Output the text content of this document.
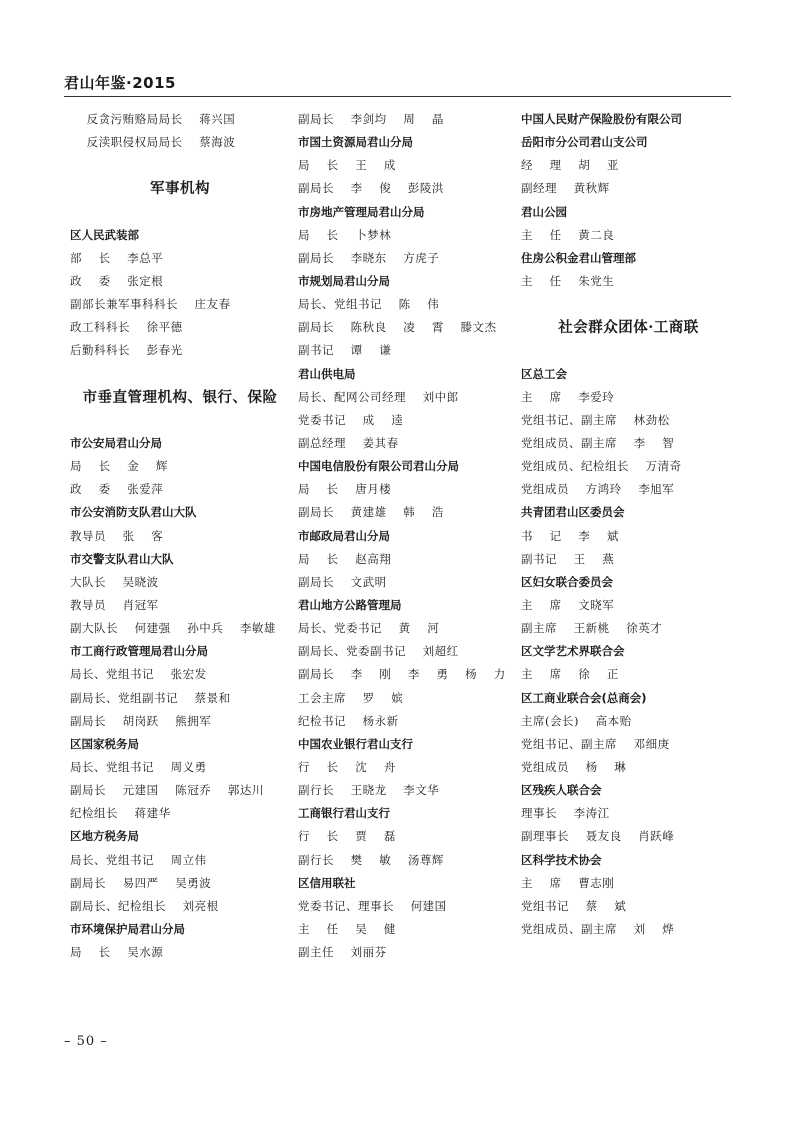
君山年鉴·2015
反贪污贿赂局局长    蒋兴国
反渎职侵权局局长    蔡海波
军事机构
区人民武装部
部    长    李总平
政    委    张定根
副部长兼军事科科长    庄友春
政工科科长    徐平德
后勤科科长    彭春光
市垂直管理机构、银行、保险
市公安局君山分局
局    长    金    辉
政    委    张爱萍
市公安消防支队君山大队
教导员    张    客
市交警支队君山大队
大队长    吴晓波
教导员    肖冠军
副大队长    何建强    孙中兵    李敏雄
市工商行政管理局君山分局
局长、党组书记    张宏发
副局长、党组副书记    蔡景和
副局长    胡岗跃    熊拥军
区国家税务局
局长、党组书记    周义勇
副局长    元建国    陈冠乔    郭达川
纪检组长    蒋建华
区地方税务局
局长、党组书记    周立伟
副局长    易四严    吴勇波
副局长、纪检组长    刘亮根
市环境保护局君山分局
局    长    吴水源
副局长    李剑均    周    晶
市国土资源局君山分局
局    长    王    成
副局长    李    俊    彭陵洪
市房地产管理局君山分局
局    长    卜梦林
副局长    李晓东    方虎子
市规划局君山分局
局长、党组书记    陈    伟
副局长    陈秋良    凌    霄    滕文杰
副书记    谭    谦
君山供电局
局长、配网公司经理    刘中郎
党委书记    成    逵
副总经理    姜其春
中国电信股份有限公司君山分局
局    长    唐月楼
副局长    黄建雄    韩    浩
市邮政局君山分局
局    长    赵高翔
副局长    文武明
君山地方公路管理局
局长、党委书记    黄    河
副局长、党委副书记    刘超红
副局长    李    刚    李    勇    杨    力
工会主席    罗    嫔
纪检书记    杨永新
中国农业银行君山支行
行    长    沈    舟
副行长    王晓龙    李文华
工商银行君山支行
行    长    贾    磊
副行长    樊    敏    汤尊辉
区信用联社
党委书记、理事长    何建国
主    任    吴    健
副主任    刘丽芬
中国人民财产保险股份有限公司
岳阳市分公司君山支公司
经    理    胡    亚
副经理    黄秋辉
君山公园
主    任    黄二良
住房公积金君山管理部
主    任    朱党生
社会群众团体·工商联
区总工会
主    席    李爱玲
党组书记、副主席    林劲松
党组成员、副主席    李    智
党组成员、纪检组长    万清奇
党组成员    方鸿玲    李旭军
共青团君山区委员会
书    记    李    斌
副书记    王    燕
区妇女联合委员会
主    席    文晓军
副主席    王新桃    徐英才
区文学艺术界联合会
主    席    徐    正
区工商业联合会(总商会)
主席(会长)    高本贻
党组书记、副主席    邓细庚
党组成员    杨    琳
区残疾人联合会
理事长    李涛江
副理事长    聂友良    肖跃峰
区科学技术协会
主    席    曹志刚
党组书记    蔡    斌
党组成员、副主席    刘    烨
– 50 –
